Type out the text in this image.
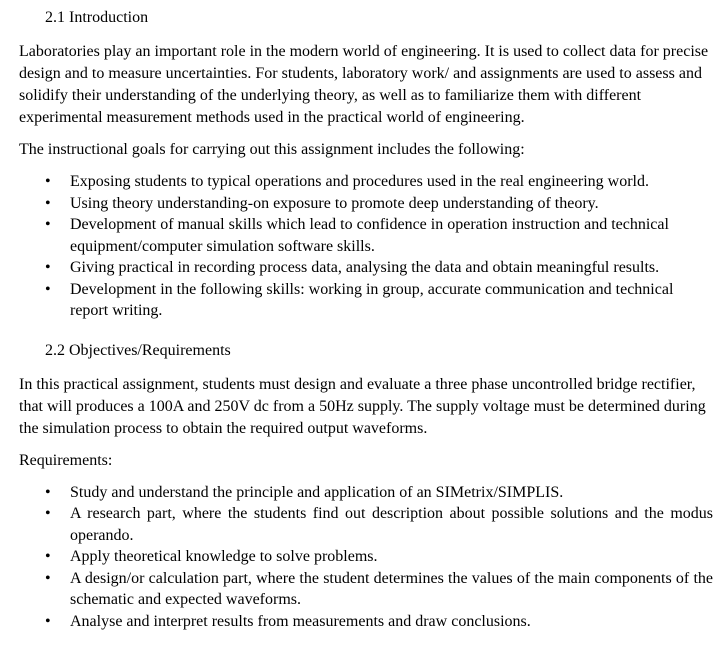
2.1 Introduction

Laboratories play an important role in the modern world of engineering. It is used to collect data for precise design and to measure uncertainties. For students, laboratory work/ and assignments are used to assess and solidify their understanding of the underlying theory, as well as to familiarize them with different experimental measurement methods used in the practical world of engineering.

The instructional goals for carrying out this assignment includes the following:

• Exposing students to typical operations and procedures used in the real engineering world.
• Using theory understanding-on exposure to promote deep understanding of theory.
• Development of manual skills which lead to confidence in operation instruction and technical equipment/computer simulation software skills.
• Giving practical in recording process data, analysing the data and obtain meaningful results.
• Development in the following skills: working in group, accurate communication and technical report writing.
2.2 Objectives/Requirements

In this practical assignment, students must design and evaluate a three phase uncontrolled bridge rectifier, that will produces a 100A and 250V dc from a 50Hz supply. The supply voltage must be determined during the simulation process to obtain the required output waveforms.

Requirements:

• Study and understand the principle and application of an SIMetrix/SIMPLIS.
• A research part, where the students find out description about possible solutions and the modus operando.
• Apply theoretical knowledge to solve problems.
• A design/or calculation part, where the student determines the values of the main components of the schematic and expected waveforms.
• Analyse and interpret results from measurements and draw conclusions.
